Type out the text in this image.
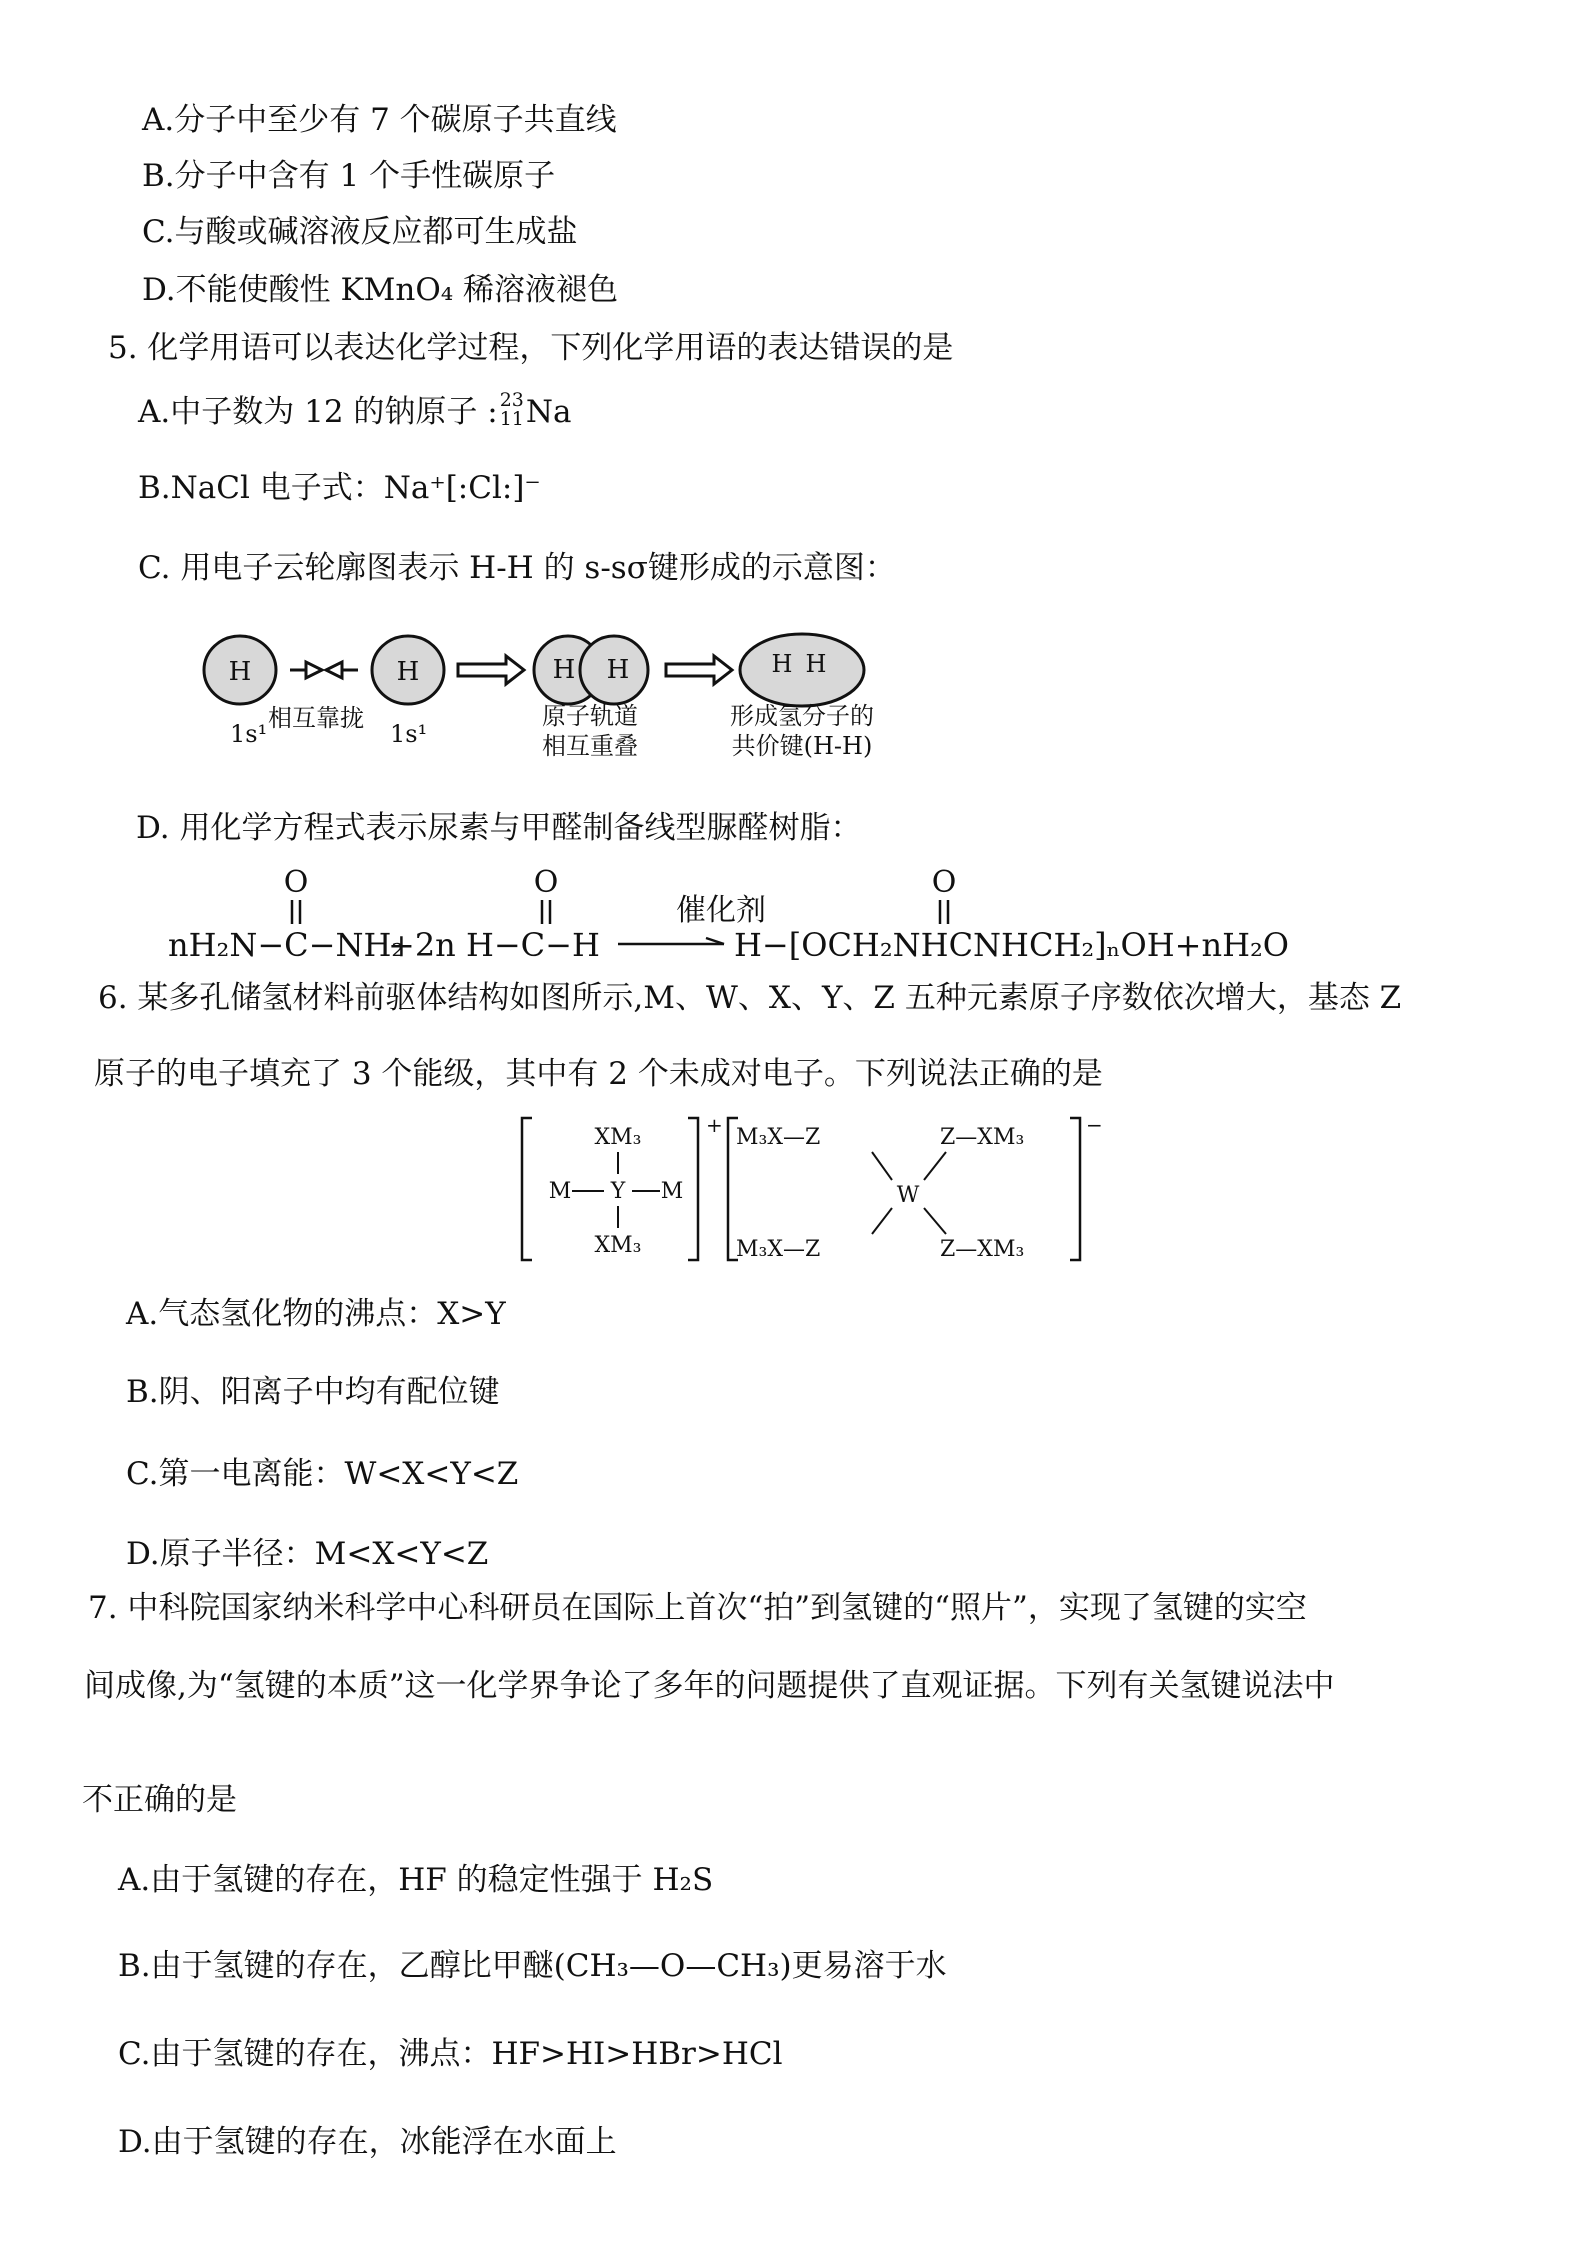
A.分子中至少有 7 个碳原子共直线
B.分子中含有 1 个手性碳原子
C.与酸或碱溶液反应都可生成盐
D.不能使酸性 KMnO₄ 稀溶液褪色
5. 化学用语可以表达化学过程，下列化学用语的表达错误的是
A.中子数为 12 的钠原子 : 23
11 Na
B.NaCl 电子式：Na⁺[:Cl:]⁻
C. 用电子云轮廓图表示 H-H 的 s-sσ键形成的示意图：
H	H	H H	H H
1s¹
相互靠拢
1s¹
原子轨道
相互重叠
形成氢分子的
共价键(H-H)
D. 用化学方程式表示尿素与甲醛制备线型脲醛树脂：
O
nH₂N−C−NH₂
O
+2n H−C−H
催化剂
O
H−[OCH₂NHCNHCH₂]ₙOH+nH₂O
6. 某多孔储氢材料前驱体结构如图所示,M、W、X、Y、Z 五种元素原子序数依次增大，基态 Z
原子的电子填充了 3 个能级，其中有 2 个未成对电子。下列说法正确的是
XM₃
M Y M
XM₃
+ M₃X—Z	Z—XM₃
W
M₃X—Z	Z—XM₃
−
A.气态氢化物的沸点：X>Y
B.阴、阳离子中均有配位键
C.第一电离能：W<X<Y<Z
D.原子半径：M<X<Y<Z
7. 中科院国家纳米科学中心科研员在国际上首次“拍”到氢键的“照片”，实现了氢键的实空
间成像,为“氢键的本质”这一化学界争论了多年的问题提供了直观证据。下列有关氢键说法中
不正确的是
A.由于氢键的存在，HF 的稳定性强于 H₂S
B.由于氢键的存在，乙醇比甲醚(CH₃—O—CH₃)更易溶于水
C.由于氢键的存在，沸点：HF>HI>HBr>HCl
D.由于氢键的存在，冰能浮在水面上
